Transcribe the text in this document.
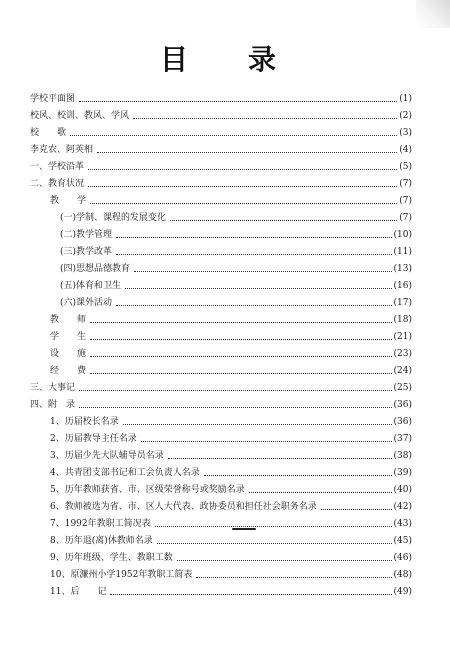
目 录
学校平面图	(1)
校风、校训、教风、学风	(2)
校　　歌	(3)
李克农、阿英相	(4)
一、学校沿革	(5)
二、教育状况	(7)
教　　学	(7)
(一)学制、课程的发展变化	(7)
(二)教学管理	(10)
(三)教学改革	(11)
(四)思想品德教育	(13)
(五)体育和卫生	(16)
(六)课外活动	(17)
教　　师	(18)
学　　生	(21)
设　　施	(23)
经　　费	(24)
三、大事记	(25)
四、附　录	(36)
1、历届校长名录	(36)
2、历届教导主任名录	(37)
3、历届少先大队辅导员名录	(38)
4、共青团支部书记和工会负责人名录	(39)
5、历年教师获省、市、区级荣誉称号或奖励名录	(40)
6、教师被选为省、市、区人大代表、政协委员和担任社会职务名录	(42)
7、1992年教职工简况表	(43)
8、历年退(离)休教师名录	(45)
9、历年班级、学生、教职工数	(46)
10、原濂州小学1952年教职工简表	(48)
11、后　　记	(49)
